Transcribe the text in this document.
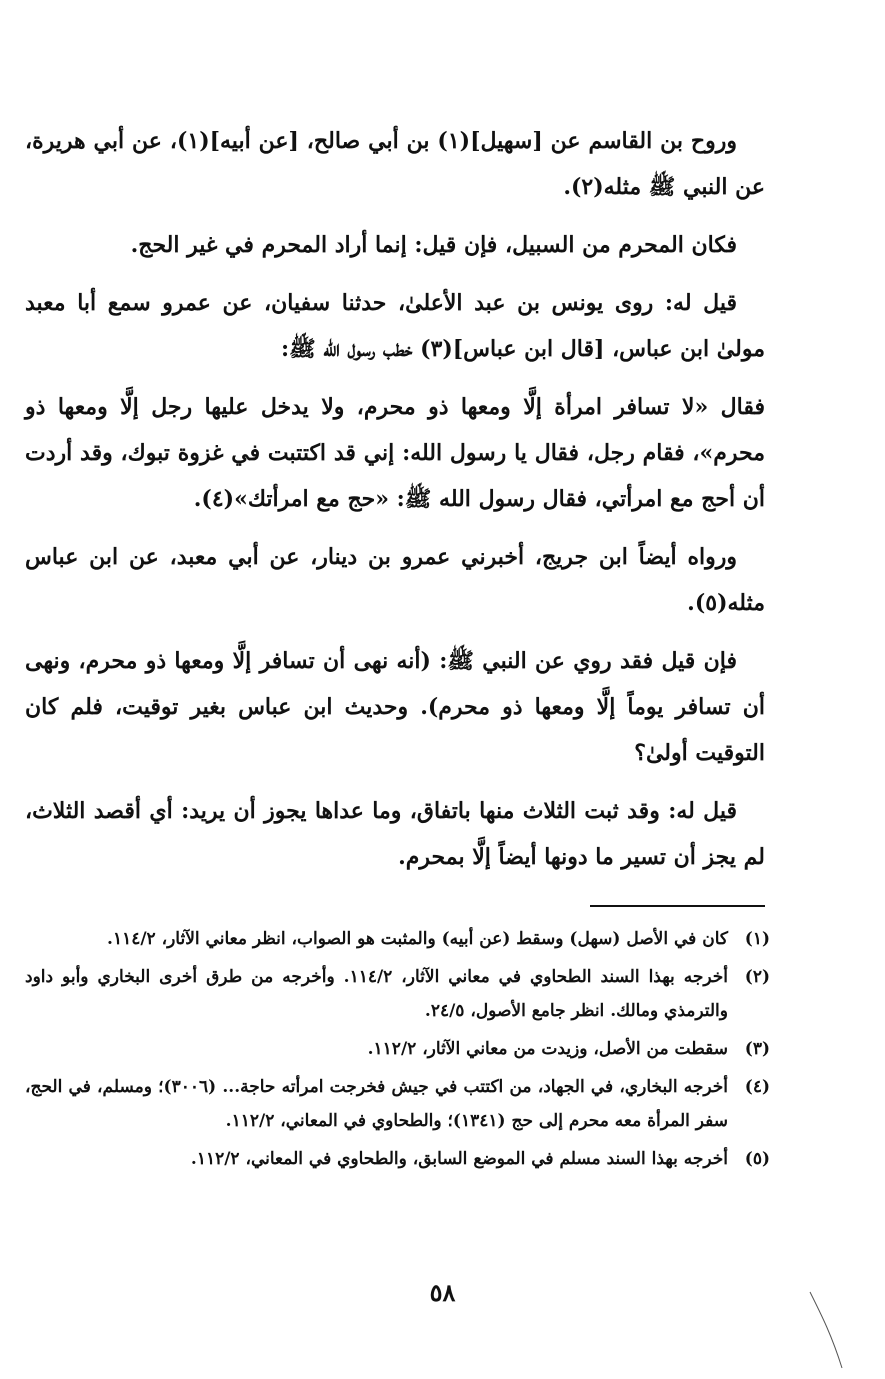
وروح بن القاسم عن [سهيل](١) بن أبي صالح، [عن أبيه](١)، عن أبي هريرة، عن النبي ﷺ مثله(٢).

فكان المحرم من السبيل، فإن قيل: إنما أراد المحرم في غير الحج.

قيل له: روى يونس بن عبد الأعلىٰ، حدثنا سفيان، عن عمرو سمع أبا معبد مولىٰ ابن عباس، [قال ابن عباس](٣) خطب رسول الله ﷺ:

فقال «لا تسافر امرأة إلَّا ومعها ذو محرم، ولا يدخل عليها رجل إلَّا ومعها ذو محرم»، فقام رجل، فقال يا رسول الله: إني قد اكتتبت في غزوة تبوك، وقد أردت أن أحج مع امرأتي، فقال رسول الله ﷺ: «حج مع امرأتك»(٤).

ورواه أيضاً ابن جريج، أخبرني عمرو بن دينار، عن أبي معبد، عن ابن عباس مثله(٥).

فإن قيل فقد روي عن النبي ﷺ: (أنه نهى أن تسافر إلَّا ومعها ذو محرم، ونهى أن تسافر يوماً إلَّا ومعها ذو محرم). وحديث ابن عباس بغير توقيت، فلم كان التوقيت أولىٰ؟

قيل له: وقد ثبت الثلاث منها باتفاق، وما عداها يجوز أن يريد: أي أقصد الثلاث، لم يجز أن تسير ما دونها أيضاً إلَّا بمحرم.

(١)
كان في الأصل (سهل) وسقط (عن أبيه) والمثبت هو الصواب، انظر معاني الآثار، ١١٤/٢.
(٢)
أخرجه بهذا السند الطحاوي في معاني الآثار، ١١٤/٢. وأخرجه من طرق أخرى البخاري وأبو داود والترمذي ومالك. انظر جامع الأصول، ٢٤/٥.
(٣)
سقطت من الأصل، وزيدت من معاني الآثار، ١١٢/٢.
(٤)
أخرجه البخاري، في الجهاد، من اكتتب في جيش فخرجت امرأته حاجة... (٣٠٠٦)؛ ومسلم، في الحج، سفر المرأة معه محرم إلى حج (١٣٤١)؛ والطحاوي في المعاني، ١١٢/٢.
(٥)
أخرجه بهذا السند مسلم في الموضع السابق، والطحاوي في المعاني، ١١٢/٢.
٥٨
